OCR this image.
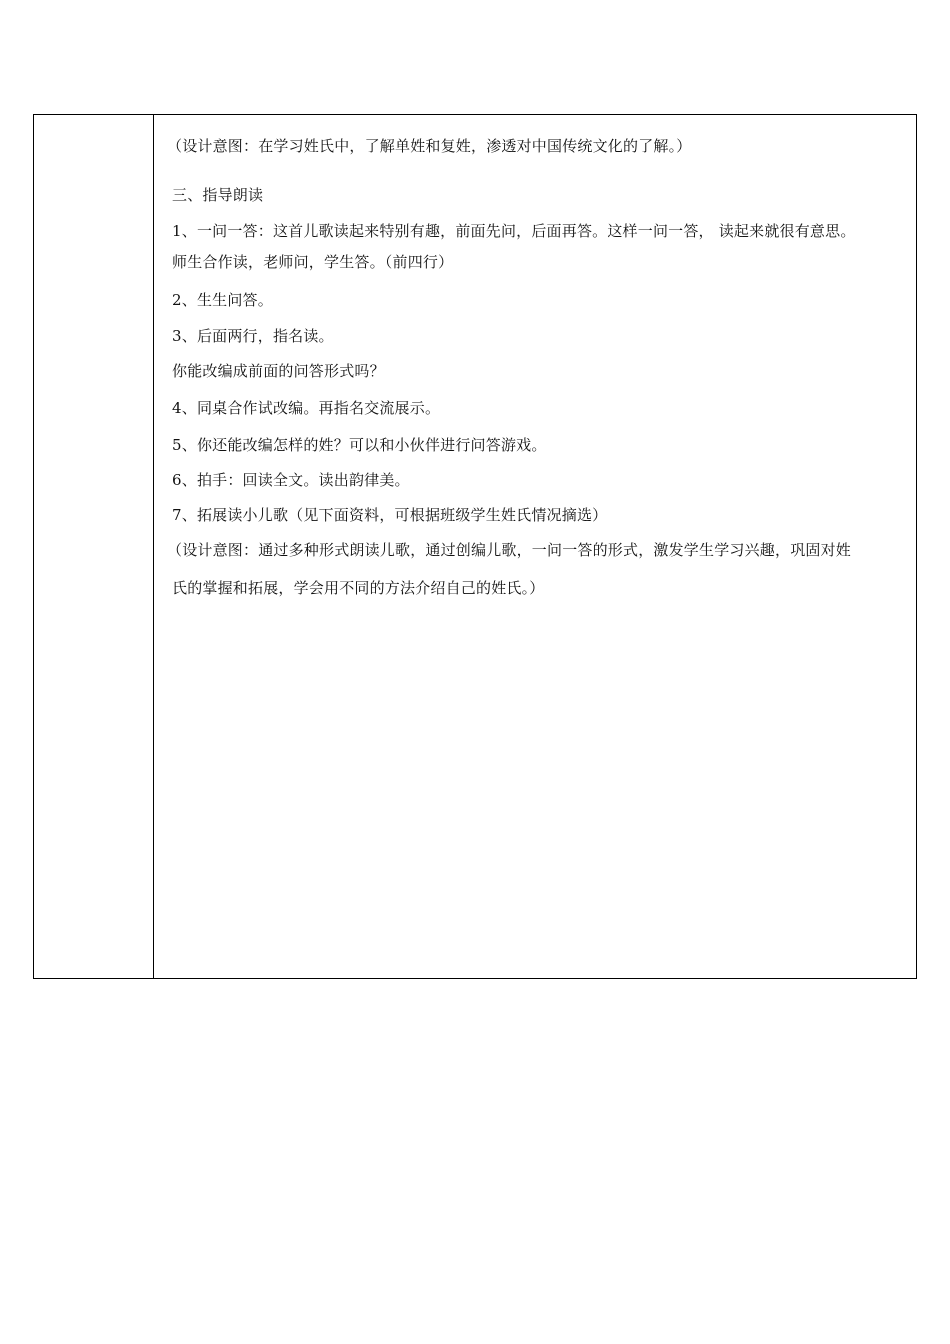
（设计意图：在学习姓氏中，了解单姓和复姓，渗透对中国传统文化的了解。）
三、指导朗读
1、一问一答：这首儿歌读起来特别有趣，前面先问，后面再答。这样一问一答， 读起来就很有意思。
师生合作读，老师问，学生答。（前四行）
2、生生问答。
3、后面两行，指名读。
你能改编成前面的问答形式吗？
4、同桌合作试改编。再指名交流展示。
5、你还能改编怎样的姓？可以和小伙伴进行问答游戏。
6、拍手：回读全文。读出韵律美。
7、拓展读小儿歌（见下面资料，可根据班级学生姓氏情况摘选）
（设计意图：通过多种形式朗读儿歌，通过创编儿歌，一问一答的形式，激发学生学习兴趣，巩固对姓
氏的掌握和拓展，学会用不同的方法介绍自己的姓氏。）
